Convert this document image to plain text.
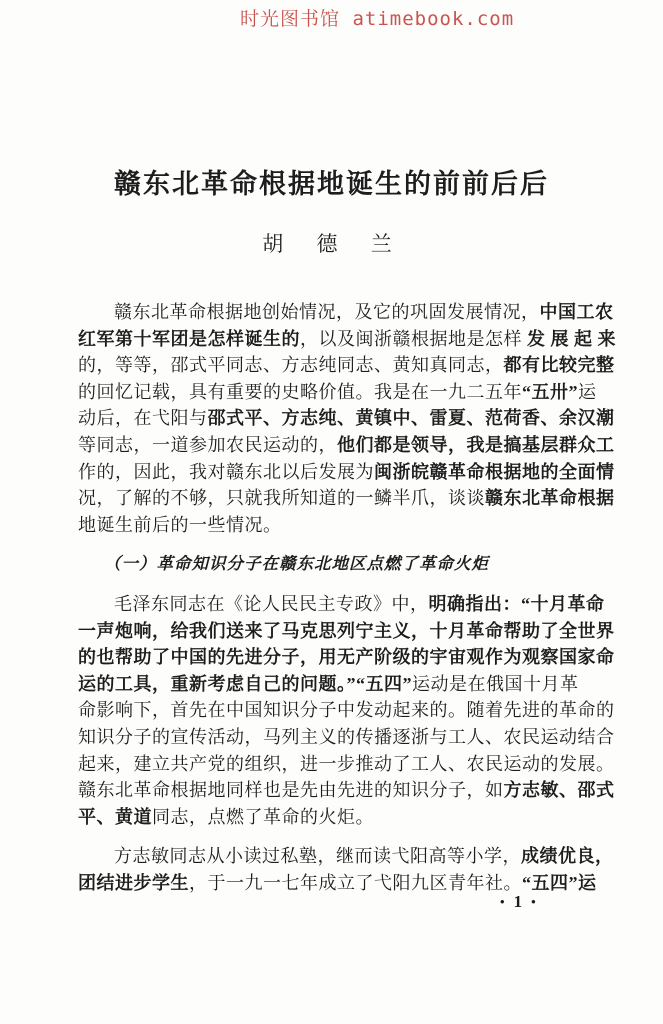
时光图书馆 atimebook.com
赣东北革命根据地诞生的前前后后
胡 德 兰
赣东北革命根据地创始情况，及它的巩固发展情况，中国工农
红军第十军团是怎样诞生的，以及闽浙赣根据地是怎样 发 展 起 来
的，等等，邵式平同志、方志纯同志、黄知真同志，都有比较完整
的回忆记载，具有重要的史略价值。我是在一九二五年“五卅”运
动后，在弋阳与邵式平、方志纯、黄镇中、雷夏、范荷香、余汉潮
等同志，一道参加农民运动的，他们都是领导，我是搞基层群众工
作的，因此，我对赣东北以后发展为闽浙皖赣革命根据地的全面情
况，了解的不够，只就我所知道的一鳞半爪，谈谈赣东北革命根据
地诞生前后的一些情况。
（一）革命知识分子在赣东北地区点燃了革命火炬
毛泽东同志在《论人民民主专政》中，明确指出：“十月革命
一声炮响，给我们送来了马克思列宁主义，十月革命帮助了全世界
的也帮助了中国的先进分子，用无产阶级的宇宙观作为观察国家命
运的工具，重新考虑自己的问题。”“五四”运动是在俄国十月革
命影响下，首先在中国知识分子中发动起来的。随着先进的革命的
知识分子的宣传活动，马列主义的传播逐浙与工人、农民运动结合
起来，建立共产党的组织，进一步推动了工人、农民运动的发展。
赣东北革命根据地同样也是先由先进的知识分子，如方志敏、邵式
平、黄道同志，点燃了革命的火炬。
方志敏同志从小读过私塾，继而读弋阳高等小学，成绩优良，
团结进步学生，于一九一七年成立了弋阳九区青年社。“五四”运
• 1 •
